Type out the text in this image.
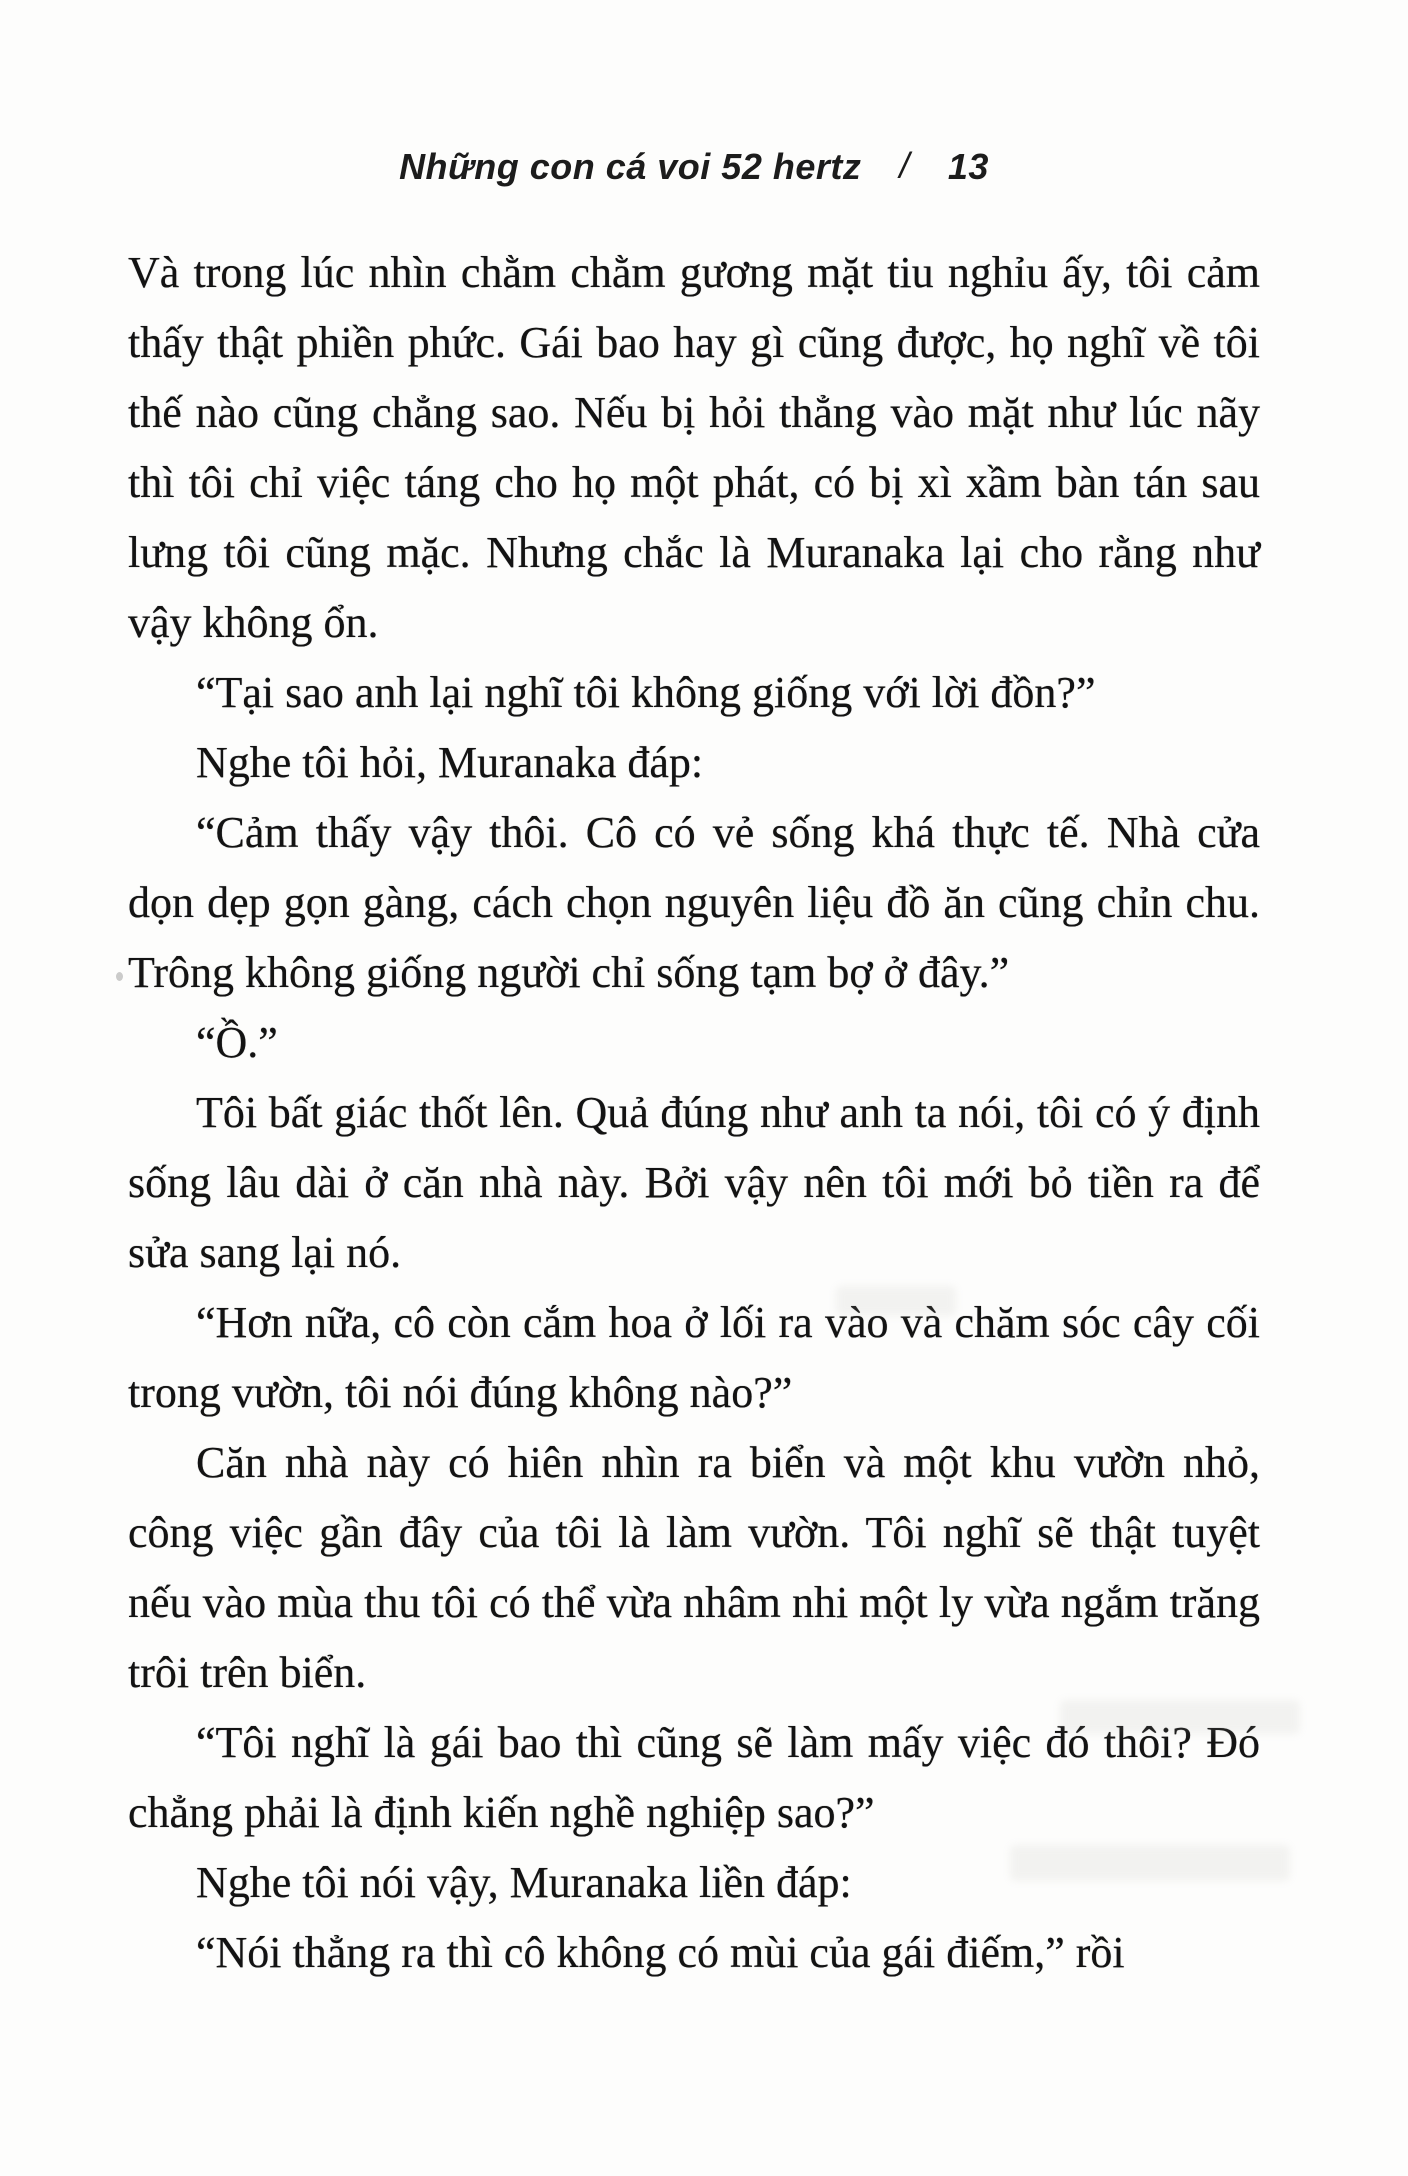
Những con cá voi 52 hertz / 13

Và trong lúc nhìn chằm chằm gương mặt tiu nghỉu ấy, tôi cảm thấy thật phiền phức. Gái bao hay gì cũng được, họ nghĩ về tôi thế nào cũng chẳng sao. Nếu bị hỏi thẳng vào mặt như lúc nãy thì tôi chỉ việc táng cho họ một phát, có bị xì xầm bàn tán sau lưng tôi cũng mặc. Nhưng chắc là Muranaka lại cho rằng như vậy không ổn.

“Tại sao anh lại nghĩ tôi không giống với lời đồn?”

Nghe tôi hỏi, Muranaka đáp:

“Cảm thấy vậy thôi. Cô có vẻ sống khá thực tế. Nhà cửa dọn dẹp gọn gàng, cách chọn nguyên liệu đồ ăn cũng chỉn chu. Trông không giống người chỉ sống tạm bợ ở đây.”

“Ồ.”

Tôi bất giác thốt lên. Quả đúng như anh ta nói, tôi có ý định sống lâu dài ở căn nhà này. Bởi vậy nên tôi mới bỏ tiền ra để sửa sang lại nó.

“Hơn nữa, cô còn cắm hoa ở lối ra vào và chăm sóc cây cối trong vườn, tôi nói đúng không nào?”

Căn nhà này có hiên nhìn ra biển và một khu vườn nhỏ, công việc gần đây của tôi là làm vườn. Tôi nghĩ sẽ thật tuyệt nếu vào mùa thu tôi có thể vừa nhâm nhi một ly vừa ngắm trăng trôi trên biển.

“Tôi nghĩ là gái bao thì cũng sẽ làm mấy việc đó thôi? Đó chẳng phải là định kiến nghề nghiệp sao?”

Nghe tôi nói vậy, Muranaka liền đáp:

“Nói thẳng ra thì cô không có mùi của gái điếm,” rồi
